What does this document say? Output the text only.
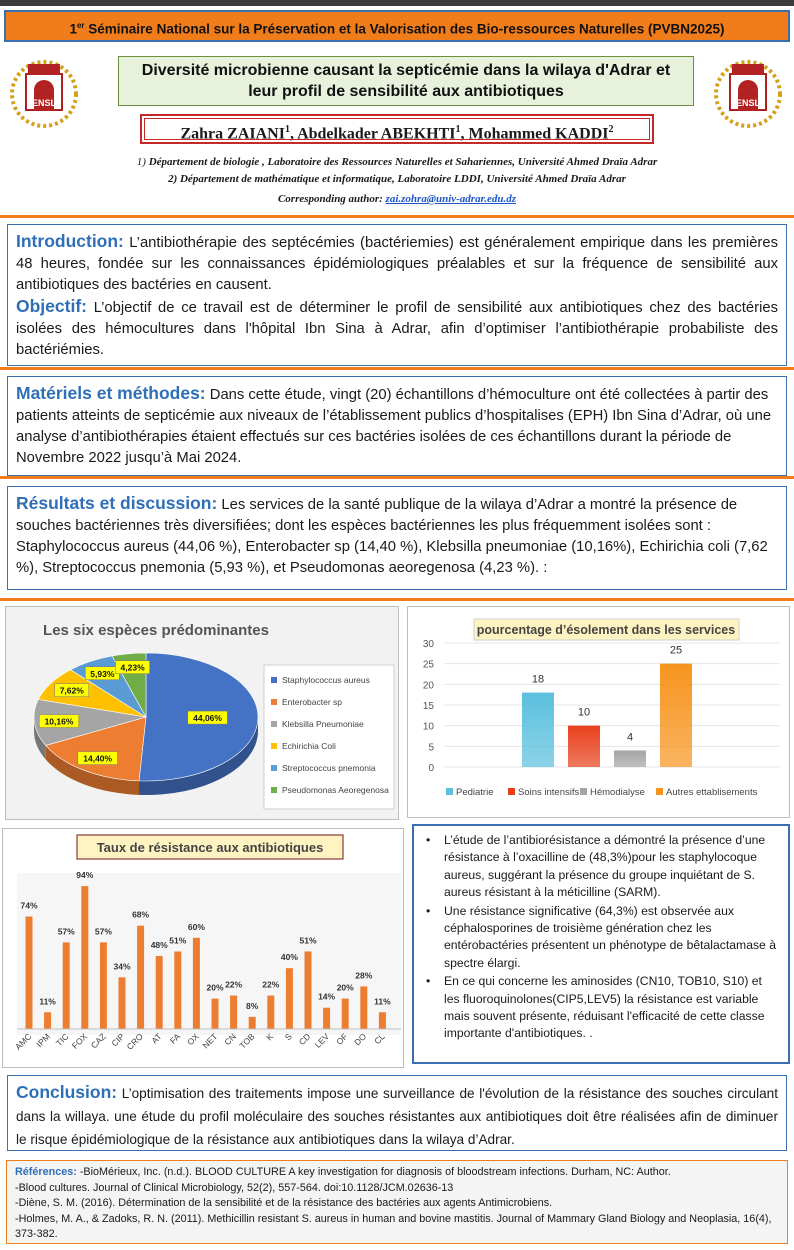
1er Séminaire National sur la Préservation et la Valorisation des Bio-ressources Naturelles (PVBN2025)
ENSL	ENSL
Diversité microbienne causant la septicémie dans la wilaya d'Adrar et
leur profil de sensibilité aux antibiotiques
Zahra ZAIANI$^1$, Abdelkader ABEKHTI$^1$, Mohammed KADDI$^2$
1) Département de biologie , Laboratoire des Ressources Naturelles et Sahariennes, Université Ahmed Draïa Adrar
2) Département de mathématique et informatique, Laboratoire LDDI, Université Ahmed Draïa Adrar
Corresponding author: zai.zohra@univ-adrar.edu.dz
Introduction: L’antibiothérapie des septécémies (bactériemies) est généralement empirique dans les premières 48 heures, fondée sur les connaissances épidémiologiques préalables et sur la fréquence de sensibilité aux antibiotiques des bactéries en causent.
Objectif: L’objectif de ce travail est de déterminer le profil de sensibilité aux antibiotiques chez des bactéries isolées des hémocultures dans l'hôpital Ibn Sina à Adrar, afin d’optimiser l’antibiothérapie probabiliste des bactériémies.
Matériels et méthodes: Dans cette étude, vingt (20) échantillons d’hémoculture ont été collectées à partir des patients atteints de septicémie aux niveaux de l’établissement publics d’hospitalises (EPH) Ibn Sina d’Adrar, où une analyse d’antibiothérapies étaient effectués sur ces bactéries isolées de ces échantillons durant la période de Novembre 2022 jusqu’à Mai 2024.
Résultats et discussion: Les services de la santé publique de la wilaya d’Adrar a montré la présence de souches bactériennes très diversifiées; dont les espèces bactériennes les plus fréquemment isolées sont : Staphylococcus aureus (44,06 %), Enterobacter sp (14,40 %), Klebsilla pneumoniae (10,16%), Echirichia coli (7,62 %), Streptococcus pnemonia (5,93 %), et Pseudomonas aeoregenosa (4,23 %). :
Les six espèces prédominantes
44,06%
14,40%
10,16%
7,62%
5,93%
4,23%
Staphylococcus aureus
Enterobacter sp
Klebsilla Pneumoniae
Echirichia Coli
Streptococcus pnemonia
Pseudomonas Aeoregenosa
pourcentage d’ésolement dans les services
0
5
10
15
20
25
30
18
10
4
25
Pediatrie	Soins intensifs Hémodialyse Autres ettablisements
Taux de résistance aux antibiotiques
74%
AMC
11%
IPM
57%
TIC
94%
FOX
57%
CAZ
34%
CIP
68%
CRO
48%
AT
51%
FA
60%
OX
20%
NET
22%
CN
8%
TOB
22%
K
40%
S
51%
CD
14%
LEV
20%
OF
28%
DO
11%
CL
• L’étude de l’antibiorésistance a démontré la présence d’une résistance à l’oxacilline de (48,3%)pour les staphylocoque aureus, suggérant la présence du groupe inquiétant de S. aureus résistant à la méticilline (SARM).
• Une résistance significative (64,3%) est observée aux céphalosporines de troisième génération chez les entérobactéries présentent un phénotype de bêtalactamase à spectre élargi.
• En ce qui concerne les aminosides (CN10, TOB10, S10) et les fluoroquinolones(CIP5,LEV5) la résistance est variable mais souvent présente, réduisant l'efficacité de cette classe importante d'antibiotiques. .
Conclusion: L’optimisation des traitements impose une surveillance de l'évolution de la résistance des souches circulant dans la willaya. une étude du profil moléculaire des souches résistantes aux antibiotiques doit être réalisées afin de diminuer le risque épidémiologique de la résistance aux antibiotiques dans la wilaya d’Adrar.
Références: -BioMérieux, Inc. (n.d.). BLOOD CULTURE A key investigation for diagnosis of bloodstream infections. Durham, NC: Author.
-Blood cultures. Journal of Clinical Microbiology, 52(2), 557-564. doi:10.1128/JCM.02636-13
-Diène, S. M. (2016). Détermination de la sensibilité et de la résistance des bactéries aux agents Antimicrobiens.
-Holmes, M. A., & Zadoks, R. N. (2011). Methicillin resistant S. aureus in human and bovine mastitis. Journal of Mammary Gland Biology and Neoplasia, 16(4), 373-382.
